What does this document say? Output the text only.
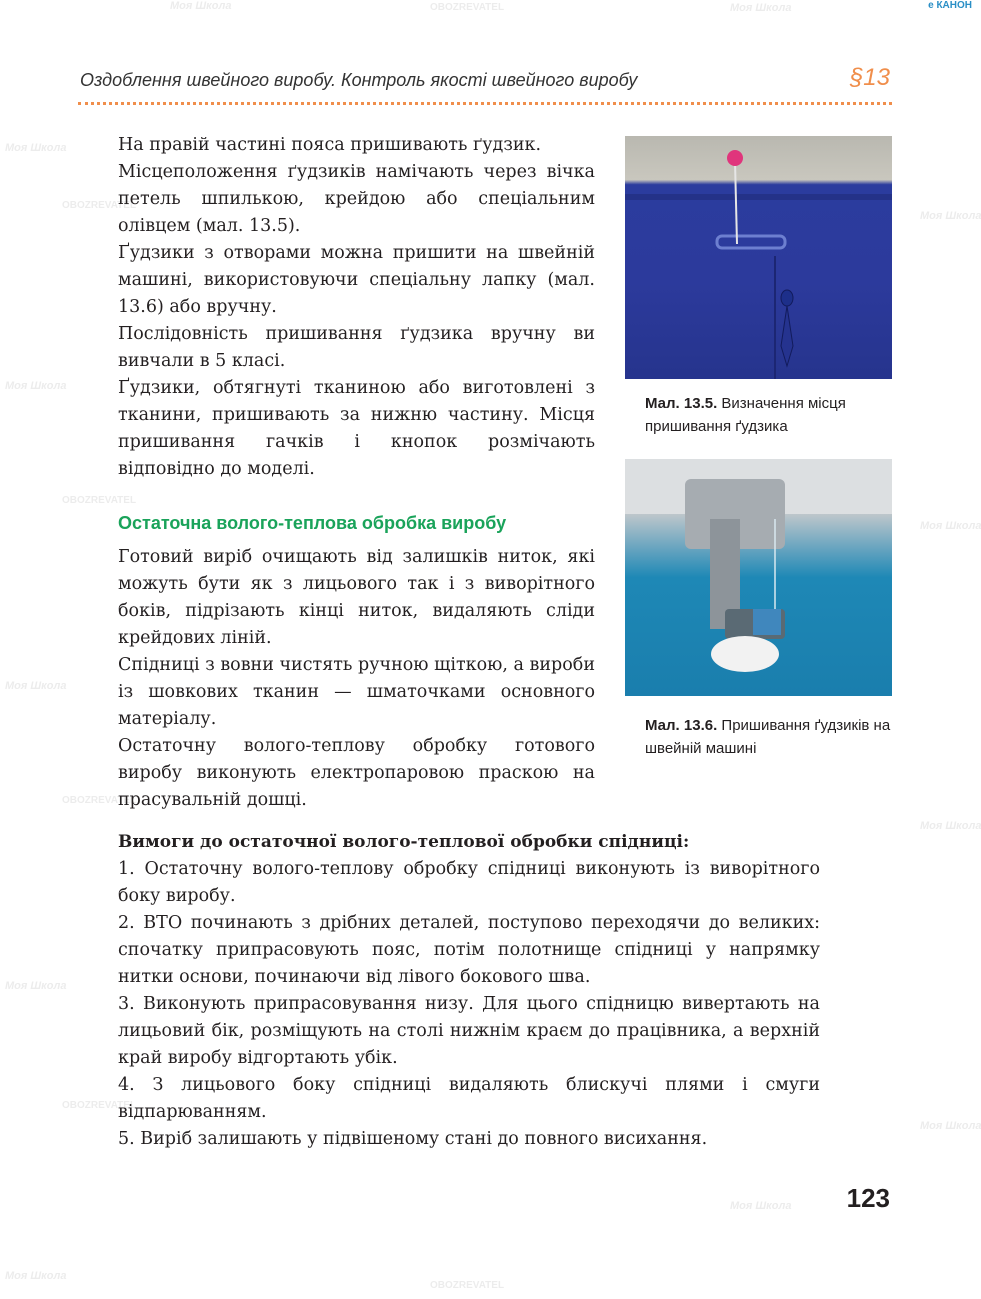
Моя Школа	OBOZREVATEL	Моя Школа
Моя Школа
OBOZREVATEL
Моя Школа
Моя Школа
OBOZREVATEL
Моя Школа
Моя Школа
OBOZREVATEL
Моя Школа
Моя Школа
OBOZREVATEL
Моя Школа
Моя Школа
OBOZREVATEL
Моя Школа
e КАНОН
Оздоблення швейного виробу. Контроль якості швейного виробу	§13

На правій частині пояса пришивають ґудзик.

Місцеположення ґудзиків намічають через вічка петель шпилькою, крейдою або спеціальним олівцем (мал. 13.5).

Ґудзики з отворами можна пришити на швейній машині, використовуючи спеціальну лапку (мал. 13.6) або вручну.

Послідовність пришивання ґудзика вручну ви вивчали в 5 класі.

Ґудзики, обтягнуті тканиною або виготовлені з тканини, пришивають за нижню частину. Місця пришивання гачків і кнопок розмічають відповідно до моделі.

Остаточна волого-теплова обробка виробу

Готовий виріб очищають від залишків ниток, які можуть бути як з лицьового так і з виворітного боків, підрізають кінці ниток, видаляють сліди крейдових ліній.

Спідниці з вовни чистять ручною щіткою, а вироби із шовкових тканин — шматочками основного матеріалу.

Остаточну волого-теплову обробку готового виробу виконують електропаровою праскою на прасувальній дошці.

Вимоги до остаточної волого-теплової обробки спідниці:

1. Остаточну волого-теплову обробку спідниці виконують із виворітного боку виробу.

2. ВТО починають з дрібних деталей, поступово переходячи до великих: спочатку припрасовують пояс, потім полотнище спідниці у напрямку нитки основи, починаючи від лівого бокового шва.

3. Виконують припрасовування низу. Для цього спідницю вивертають на лицьовий бік, розміщують на столі нижнім краєм до працівника, а верхній край виробу відгортають убік.

4. З лицьового боку спідниці видаляють блискучі плями і смуги відпарюванням.

5. Виріб залишають у підвішеному стані до повного висихання.

Мал. 13.5. Визначення місця пришивання ґудзика
Мал. 13.6. Пришивання ґудзиків на швейній машині
123
